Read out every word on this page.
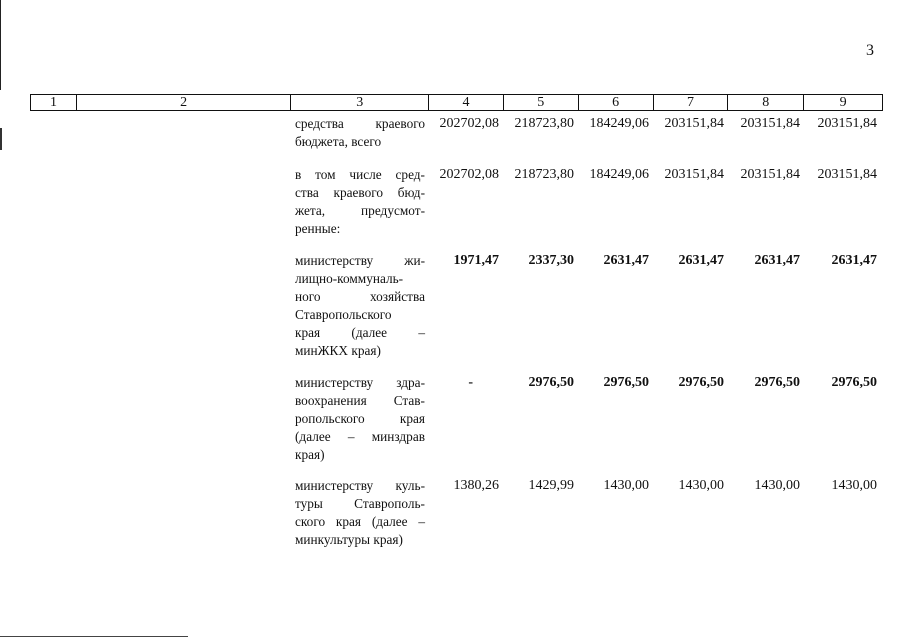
3
1	2	3	4	5	6	7	8	9
средства краевого
бюджета, всего
202702,08 218723,80 184249,06 203151,84 203151,84 203151,84
в том числе сред-
ства краевого бюд-
жета, предусмот-
ренные:
202702,08 218723,80 184249,06 203151,84 203151,84 203151,84
министерству жи-
лищно-коммуналь-
ного хозяйства
Ставропольского
края (далее –
минЖКХ края)
1971,47 2337,30 2631,47 2631,47 2631,47 2631,47
министерству здра-
воохранения Став-
ропольского края
(далее – минздрав
края)
-	2976,50 2976,50 2976,50 2976,50 2976,50
министерству куль-
туры Ставрополь-
ского края (далее –
минкультуры края)
1380,26 1429,99 1430,00 1430,00 1430,00 1430,00
